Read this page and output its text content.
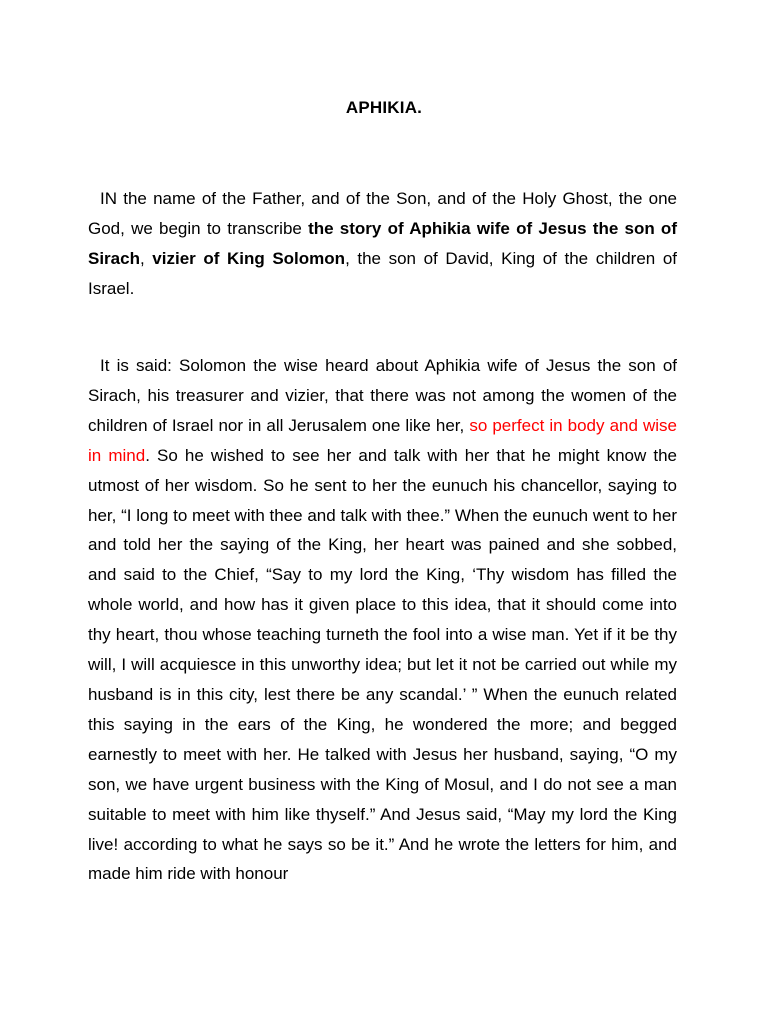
APHIKIA.

IN the name of the Father, and of the Son, and of the Holy Ghost, the one God, we begin to transcribe the story of Aphikia wife of Jesus the son of Sirach, vizier of King Solomon, the son of David, King of the children of Israel.

It is said: Solomon the wise heard about Aphikia wife of Jesus the son of Sirach, his treasurer and vizier, that there was not among the women of the children of Israel nor in all Jerusalem one like her, so perfect in body and wise in mind. So he wished to see her and talk with her that he might know the utmost of her wisdom. So he sent to her the eunuch his chancellor, saying to her, “I long to meet with thee and talk with thee.” When the eunuch went to her and told her the saying of the King, her heart was pained and she sobbed, and said to the Chief, “Say to my lord the King, ‘Thy wisdom has filled the whole world, and how has it given place to this idea, that it should come into thy heart, thou whose teaching turneth the fool into a wise man. Yet if it be thy will, I will acquiesce in this unworthy idea; but let it not be carried out while my husband is in this city, lest there be any scandal.’ ” When the eunuch related this saying in the ears of the King, he wondered the more; and begged earnestly to meet with her. He talked with Jesus her husband, saying, “O my son, we have urgent business with the King of Mosul, and I do not see a man suitable to meet with him like thyself.” And Jesus said, “May my lord the King live! according to what he says so be it.” And he wrote the letters for him, and made him ride with honour
